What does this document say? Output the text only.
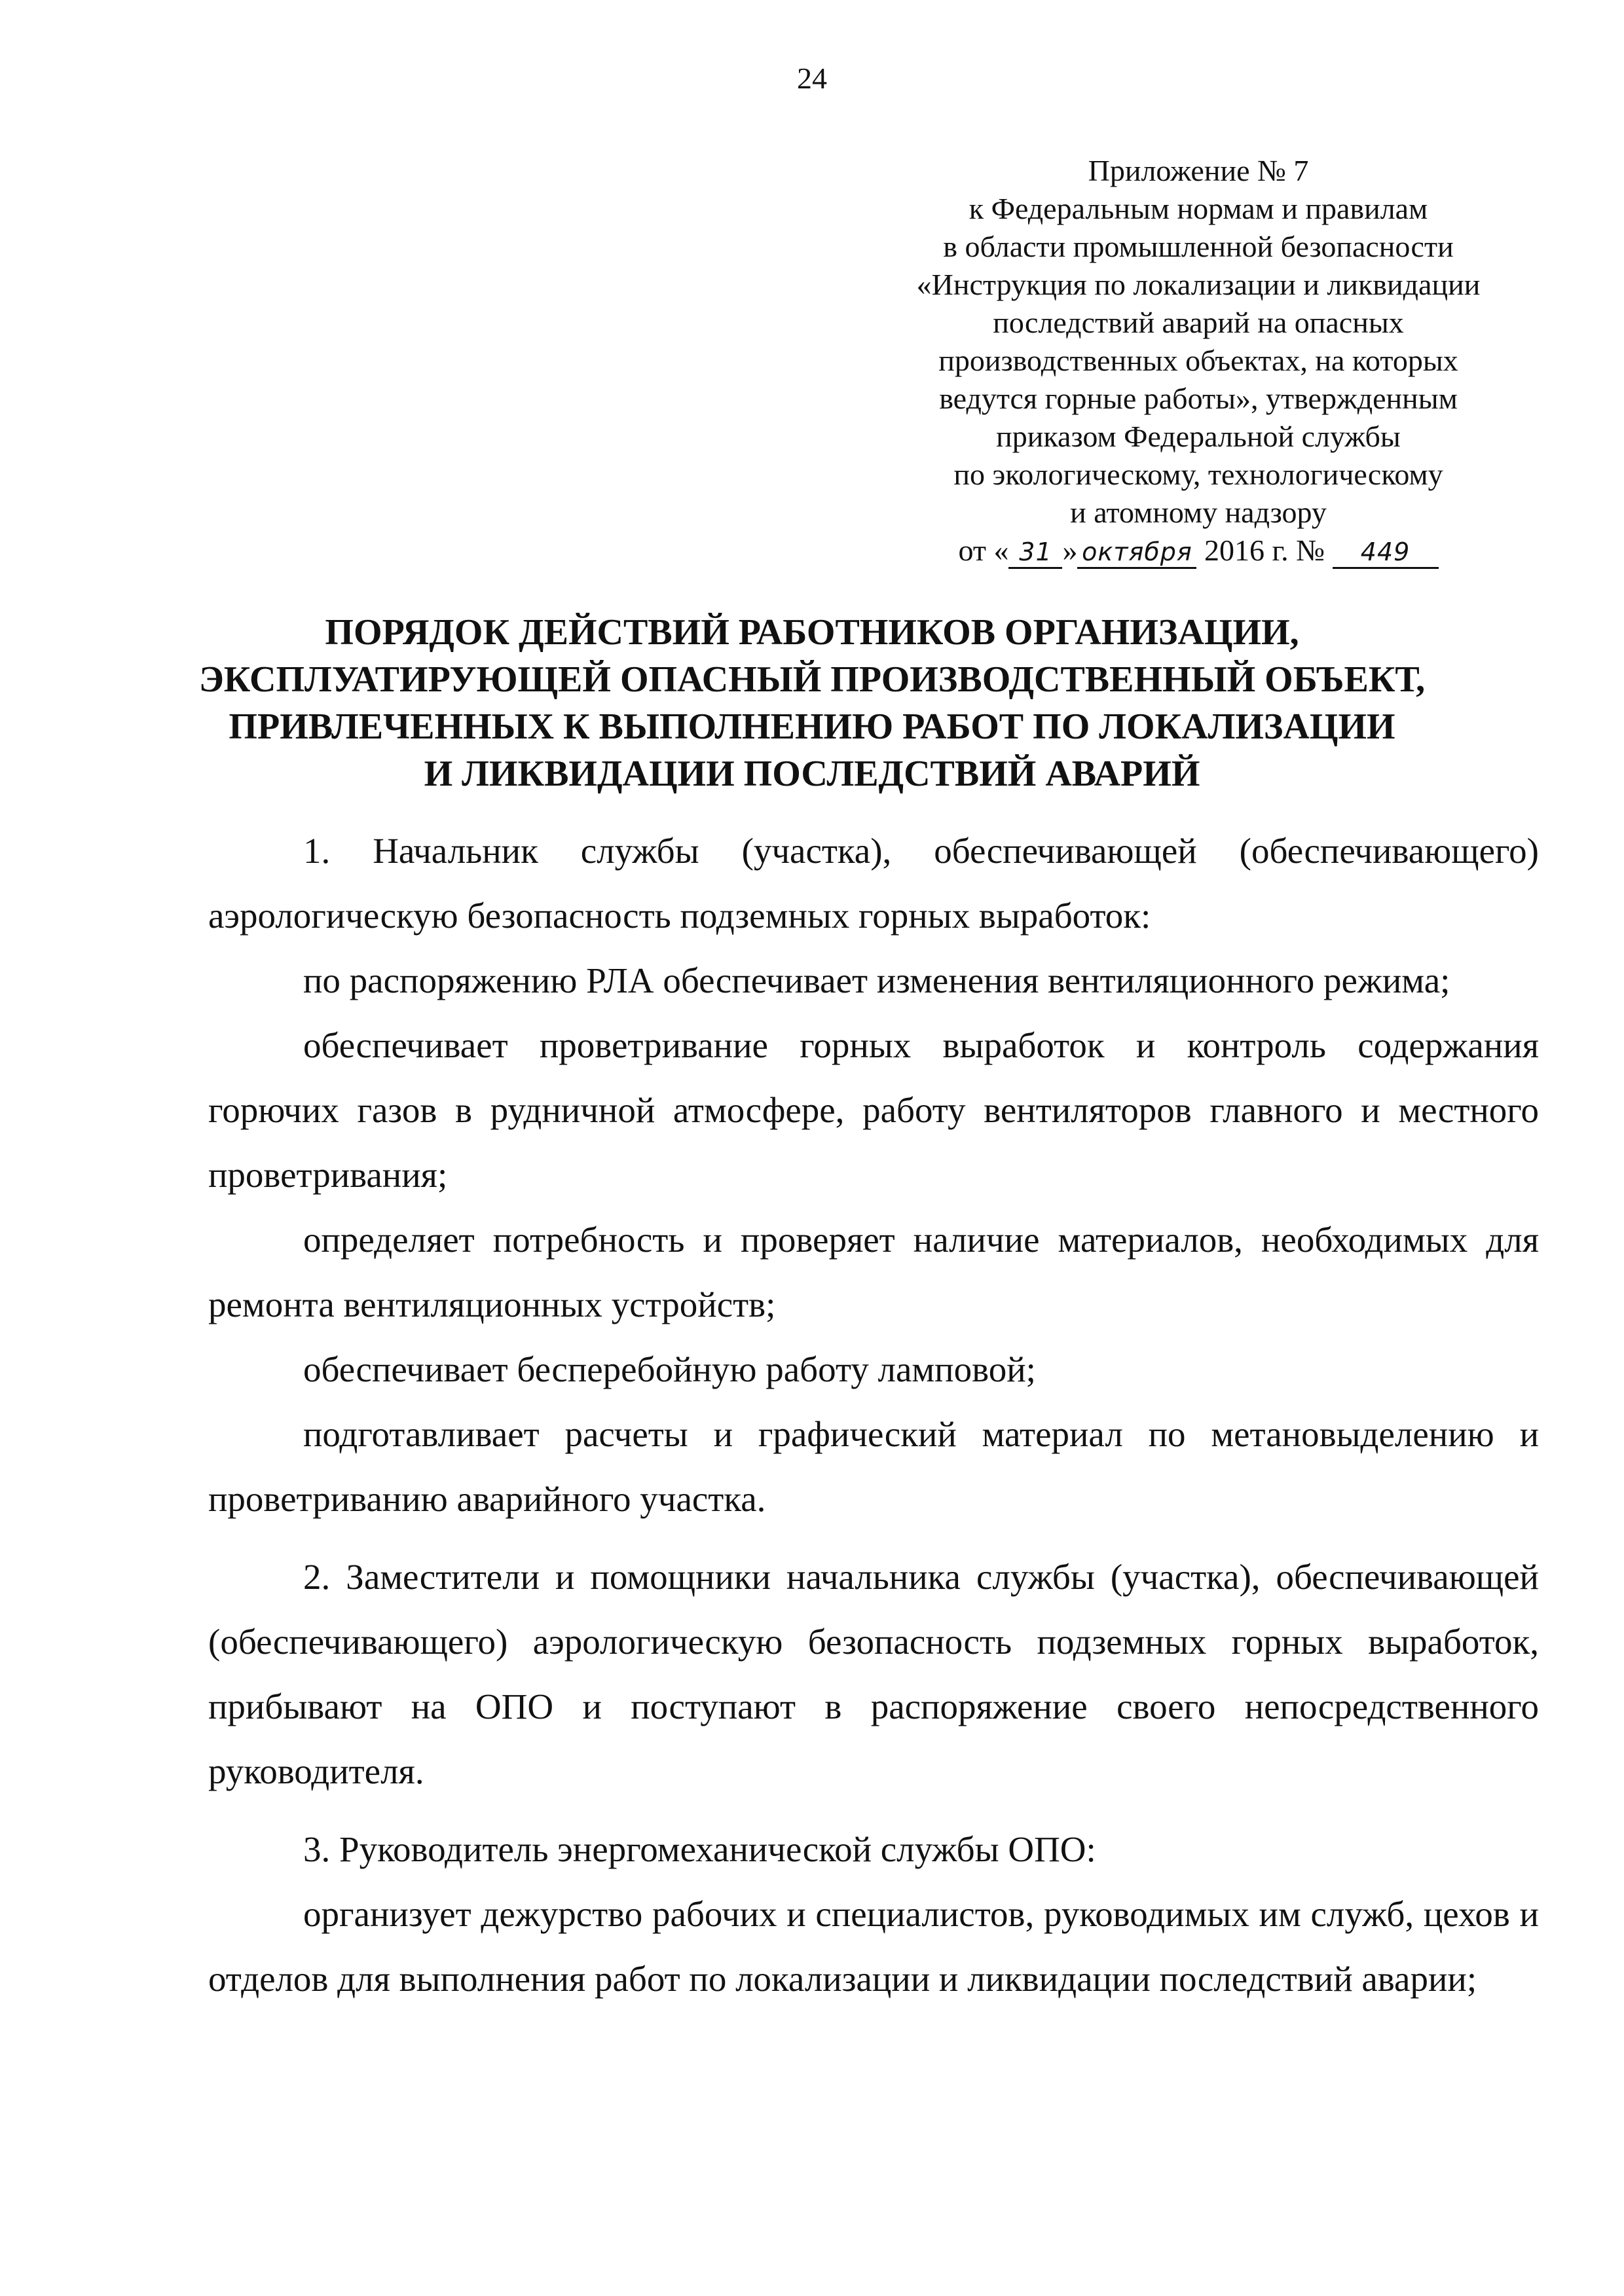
24
Приложение № 7
к Федеральным нормам и правилам
в области промышленной безопасности
«Инструкция по локализации и ликвидации
последствий аварий на опасных
производственных объектах, на которых
ведутся горные работы», утвержденным
приказом Федеральной службы
по экологическому, технологическому
и атомному надзору
от « 31 » октября 2016 г. № 449
ПОРЯДОК ДЕЙСТВИЙ РАБОТНИКОВ ОРГАНИЗАЦИИ,
ЭКСПЛУАТИРУЮЩЕЙ ОПАСНЫЙ ПРОИЗВОДСТВЕННЫЙ ОБЪЕКТ,
ПРИВЛЕЧЕННЫХ К ВЫПОЛНЕНИЮ РАБОТ ПО ЛОКАЛИЗАЦИИ
И ЛИКВИДАЦИИ ПОСЛЕДСТВИЙ АВАРИЙ

1. Начальник службы (участка), обеспечивающей (обеспечивающего) аэрологическую безопасность подземных горных выработок:

по распоряжению РЛА обеспечивает изменения вентиляционного режима;

обеспечивает проветривание горных выработок и контроль содержания горючих газов в рудничной атмосфере, работу вентиляторов главного и местного проветривания;

определяет потребность и проверяет наличие материалов, необходимых для ремонта вентиляционных устройств;

обеспечивает бесперебойную работу ламповой;

подготавливает расчеты и графический материал по метановыделению и проветриванию аварийного участка.

2. Заместители и помощники начальника службы (участка), обеспечивающей (обеспечивающего) аэрологическую безопасность подземных горных выработок, прибывают на ОПО и поступают в распоряжение своего непосредственного руководителя.

3. Руководитель энергомеханической службы ОПО:

организует дежурство рабочих и специалистов, руководимых им служб, цехов и отделов для выполнения работ по локализации и ликвидации последствий аварии;
